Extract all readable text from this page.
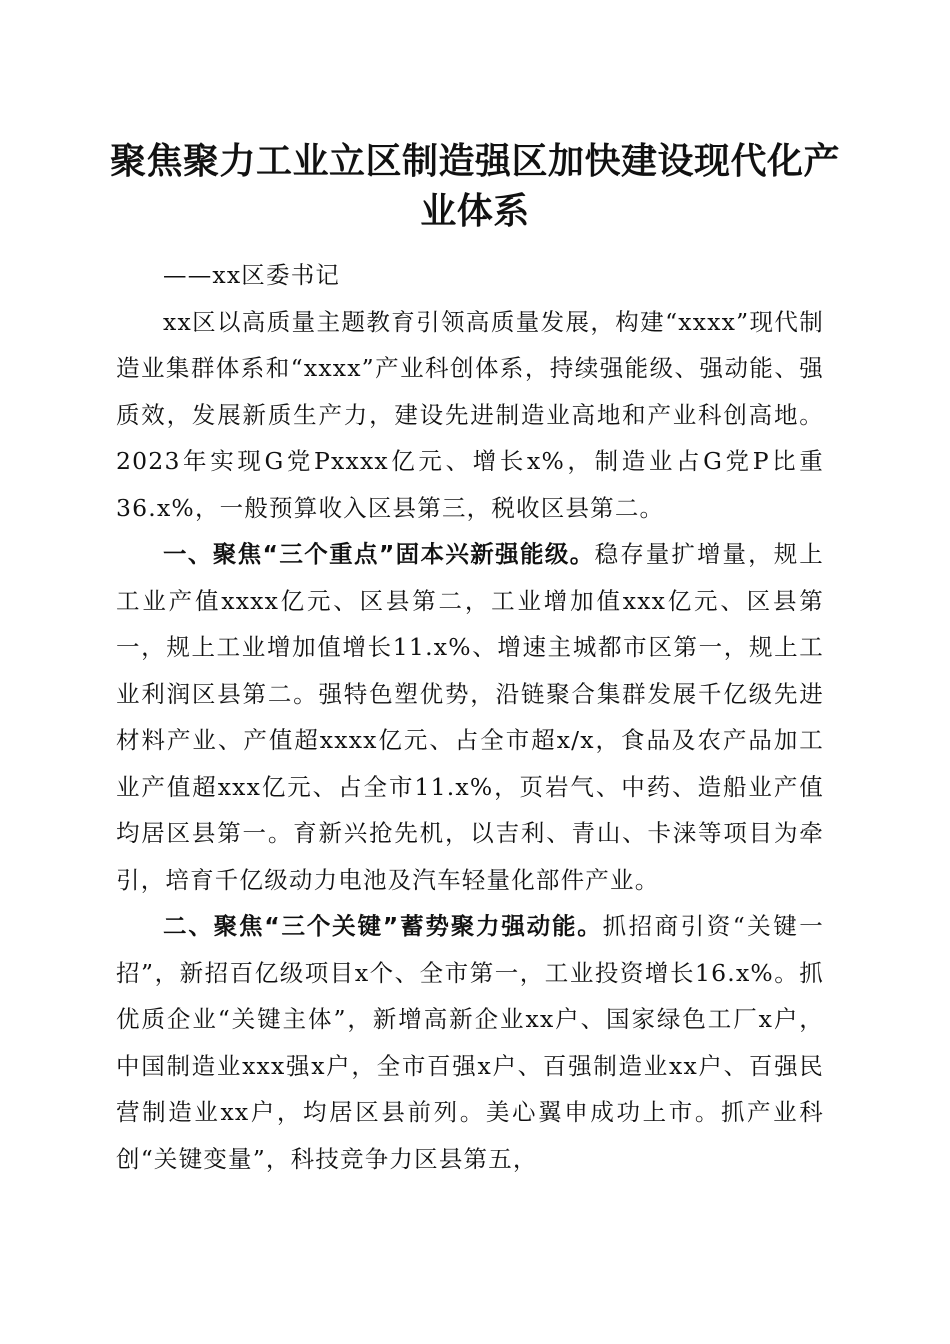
聚焦聚力工业立区制造强区加快建设现代化产业体系

——xx区委书记

xx区以高质量主题教育引领高质量发展，构建“xxxx”现代制造业集群体系和“xxxx”产业科创体系，持续强能级、强动能、强质效，发展新质生产力，建设先进制造业高地和产业科创高地。2023年实现G党Pxxxx亿元、增长x%，制造业占G党P比重36.x%，一般预算收入区县第三，税收区县第二。

一、聚焦“三个重点”固本兴新强能级。稳存量扩增量，规上工业产值xxxx亿元、区县第二，工业增加值xxx亿元、区县第一，规上工业增加值增长11.x%、增速主城都市区第一，规上工业利润区县第二。强特色塑优势，沿链聚合集群发展千亿级先进材料产业、产值超xxxx亿元、占全市超x/x，食品及农产品加工业产值超xxx亿元、占全市11.x%，页岩气、中药、造船业产值均居区县第一。育新兴抢先机，以吉利、青山、卡涞等项目为牵引，培育千亿级动力电池及汽车轻量化部件产业。

二、聚焦“三个关键”蓄势聚力强动能。抓招商引资“关键一招”，新招百亿级项目x个、全市第一，工业投资增长16.x%。抓优质企业“关键主体”，新增高新企业xx户、国家绿色工厂x户，中国制造业xxx强x户，全市百强x户、百强制造业xx户、百强民营制造业xx户，均居区县前列。美心翼申成功上市。抓产业科创“关键变量”，科技竞争力区县第五，
